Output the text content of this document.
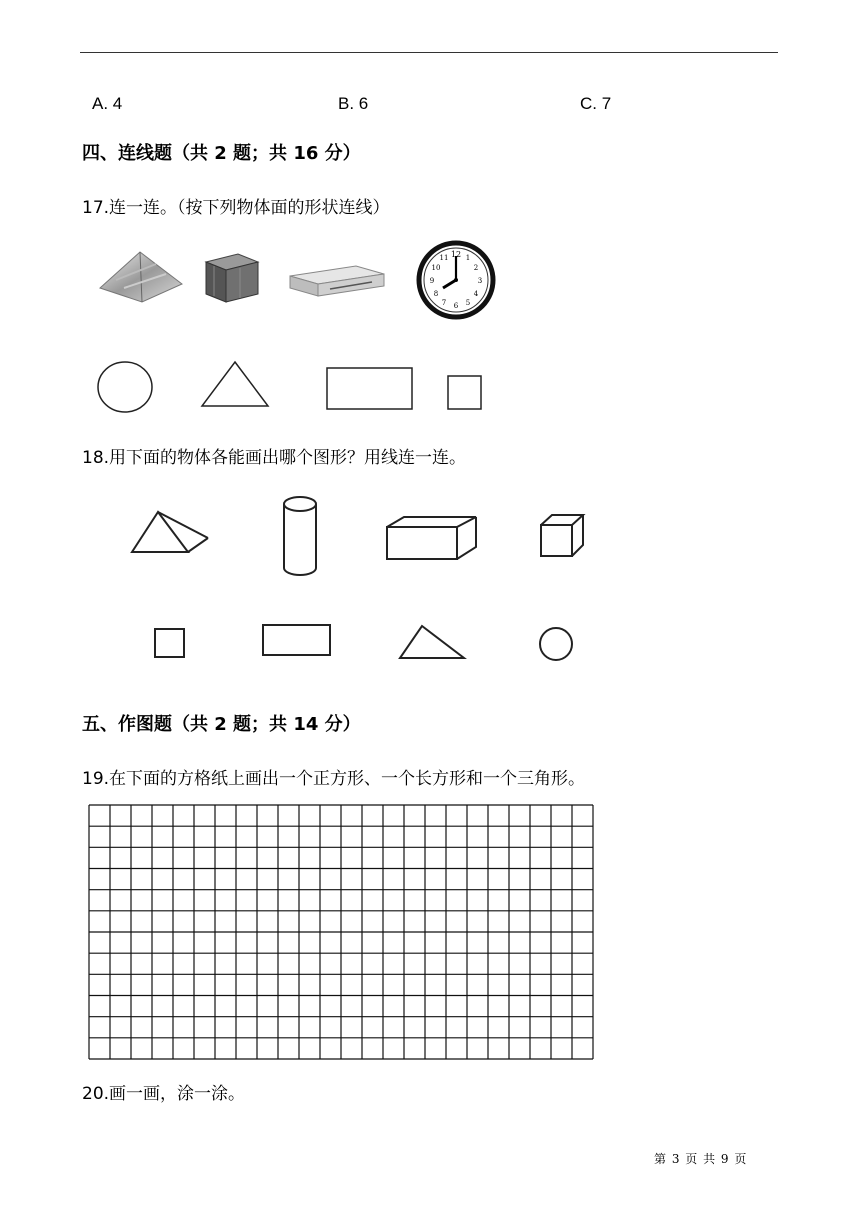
A. 4	B. 6	C. 7
四、连线题（共 2 题；共 16 分）
17.连一连。（按下列物体面的形状连线）
12 1
2
3
4
5
6
7
8
9
10
11
18.用下面的物体各能画出哪个图形？用线连一连。
五、作图题（共 2 题；共 14 分）
19.在下面的方格纸上画出一个正方形、一个长方形和一个三角形。
20.画一画，涂一涂。
第 3 页 共 9 页
